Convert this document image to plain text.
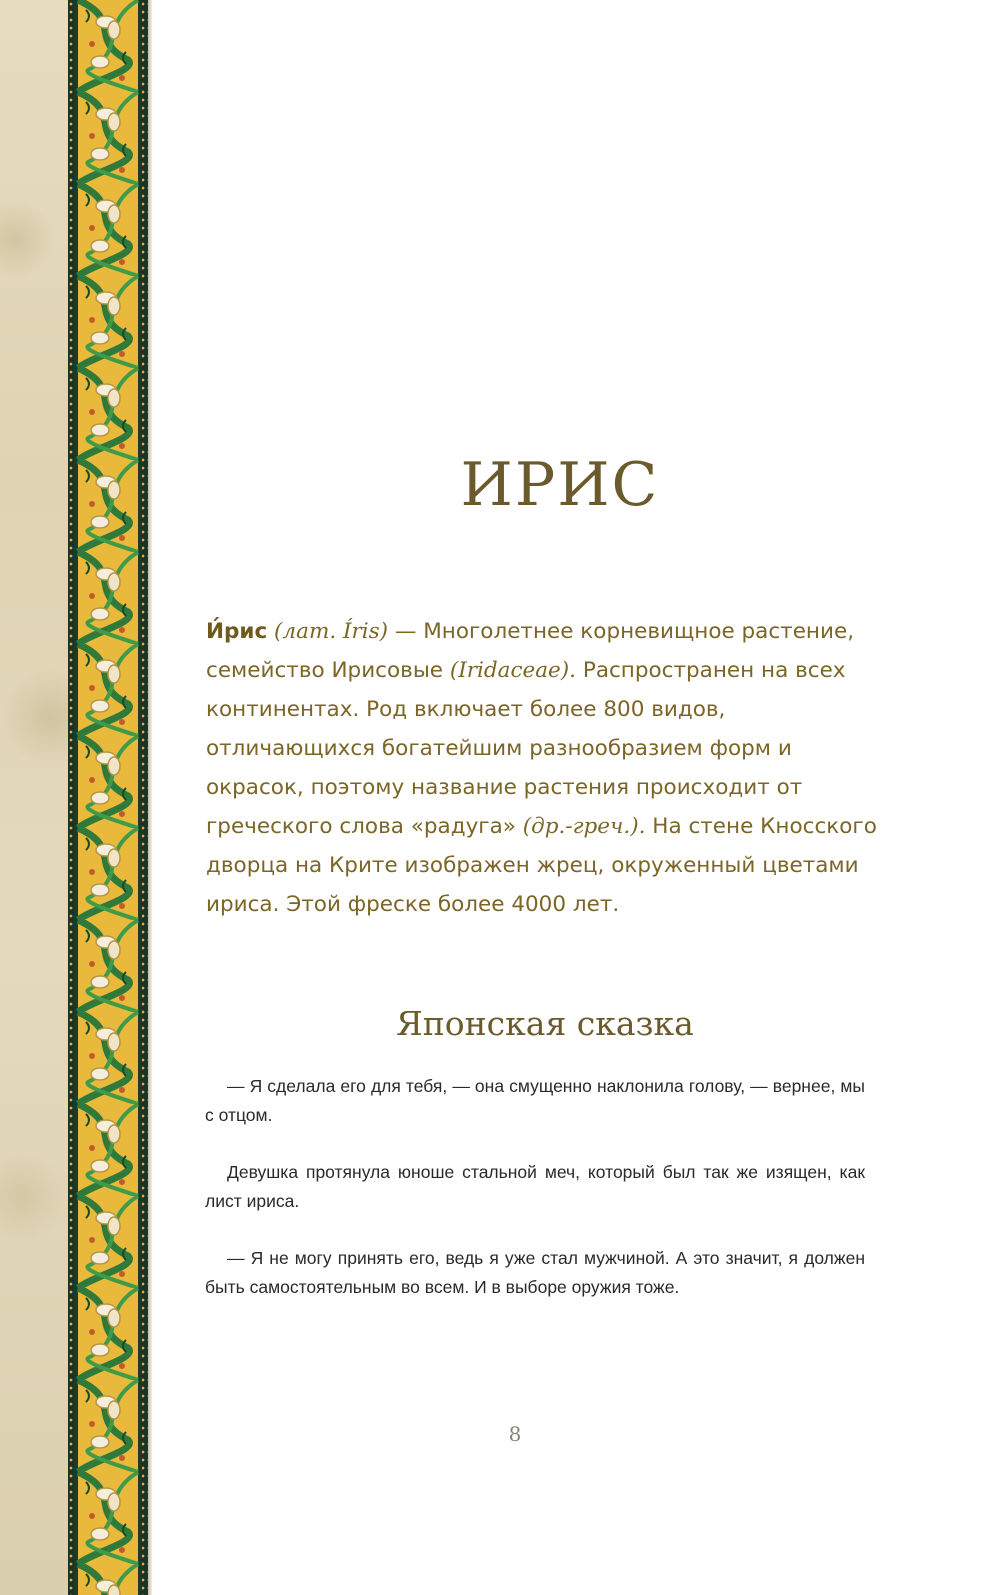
ИРИС

И́рис (лат. Íris) — Многолетнее корневищное растение, семейство Ирисовые (Iridaceae). Распространен на всех континентах. Род включает более 800 видов, отличающихся богатейшим разнообразием форм и окрасок, поэтому название растения происходит от греческого слова «радуга» (др.-греч.). На стене Кносского дворца на Крите изображен жрец, окруженный цветами ириса. Этой фреске более 4000 лет.

Японская сказка

— Я сделала его для тебя, — она смущенно наклонила голову, — вернее, мы с отцом.

Девушка протянула юноше стальной меч, который был так же изящен, как лист ириса.

— Я не могу принять его, ведь я уже стал мужчиной. А это значит, я должен быть самостоятельным во всем. И в выборе оружия тоже.

8
